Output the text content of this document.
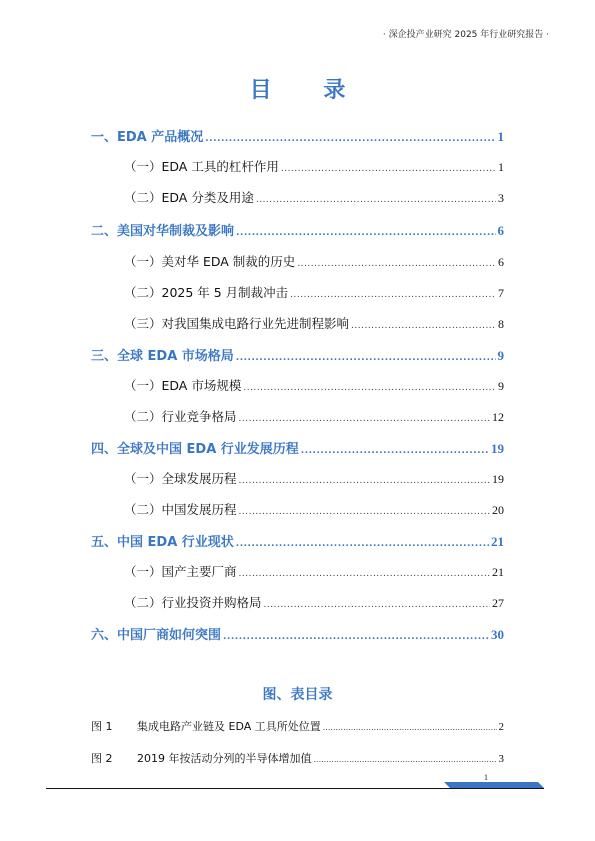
· 深企投产业研究 2025 年行业研究报告 ·
目 录
一、EDA 产品概况 .....	1
（一）EDA 工具的杠杆作用 .....	1
（二）EDA 分类及用途 .....	3
二、美国对华制裁及影响 .....	6
（一）美对华 EDA 制裁的历史 .....	6
（二）2025 年 5 月制裁冲击 .....	7
（三）对我国集成电路行业先进制程影响 .....	8
三、全球 EDA 市场格局 .....	9
（一）EDA 市场规模 .....	9
（二）行业竞争格局 .....	12
四、全球及中国 EDA 行业发展历程 .....	19
（一）全球发展历程 .....	19
（二）中国发展历程 .....	20
五、中国 EDA 行业现状 .....	21
（一）国产主要厂商 .....	21
（二）行业投资并购格局 .....	27
六、中国厂商如何突围 .....	30
图、表目录
图 1	集成电路产业链及 EDA 工具所处位置 .....	2
图 2	2019 年按活动分列的半导体增加值 .....	3
1
